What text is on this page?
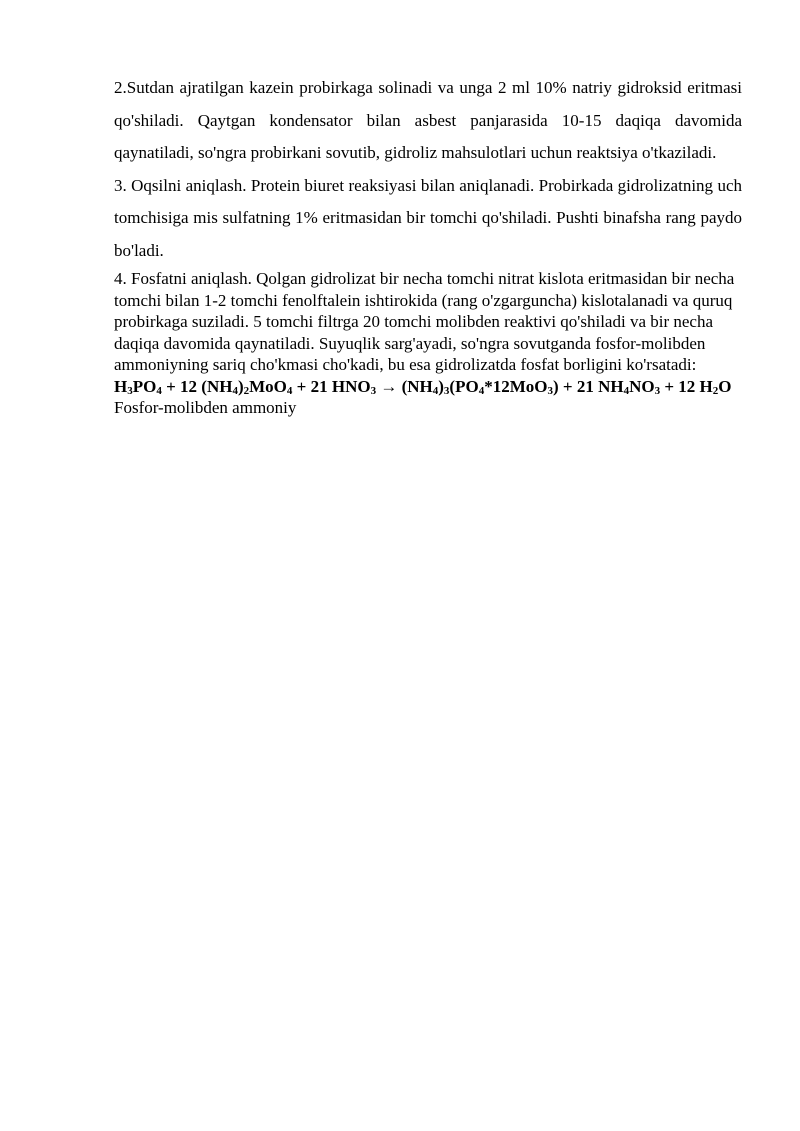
2.Sutdan ajratilgan kazein probirkaga solinadi va unga 2 ml 10% natriy gidroksid eritmasi qo'shiladi. Qaytgan kondensator bilan asbest panjarasida 10-15 daqiqa davomida qaynatiladi, so'ngra probirkani sovutib, gidroliz mahsulotlari uchun reaktsiya o'tkaziladi.

3. Oqsilni aniqlash. Protein biuret reaksiyasi bilan aniqlanadi. Probirkada gidrolizatning uch tomchisiga mis sulfatning 1% eritmasidan bir tomchi qo'shiladi. Pushti binafsha rang paydo bo'ladi.

4. Fosfatni aniqlash. Qolgan gidrolizat bir necha tomchi nitrat kislota eritmasidan bir necha tomchi bilan 1-2 tomchi fenolftalein ishtirokida (rang o'zgarguncha) kislotalanadi va quruq probirkaga suziladi. 5 tomchi filtrga 20 tomchi molibden reaktivi qo'shiladi va bir necha daqiqa davomida qaynatiladi. Suyuqlik sarg'ayadi, so'ngra sovutganda fosfor-molibden ammoniyning sariq cho'kmasi cho'kadi, bu esa gidrolizatda fosfat borligini ko'rsatadi: $H_3PO_4 + 12$ $(NH_4)_2MoO_4 + 21$ $HNO_3 \to (NH_4)_3(PO_4*12MoO_3) + 21$ $NH_4NO_3 + 12$ $H_2O$ Fosfor-molibden ammoniy
